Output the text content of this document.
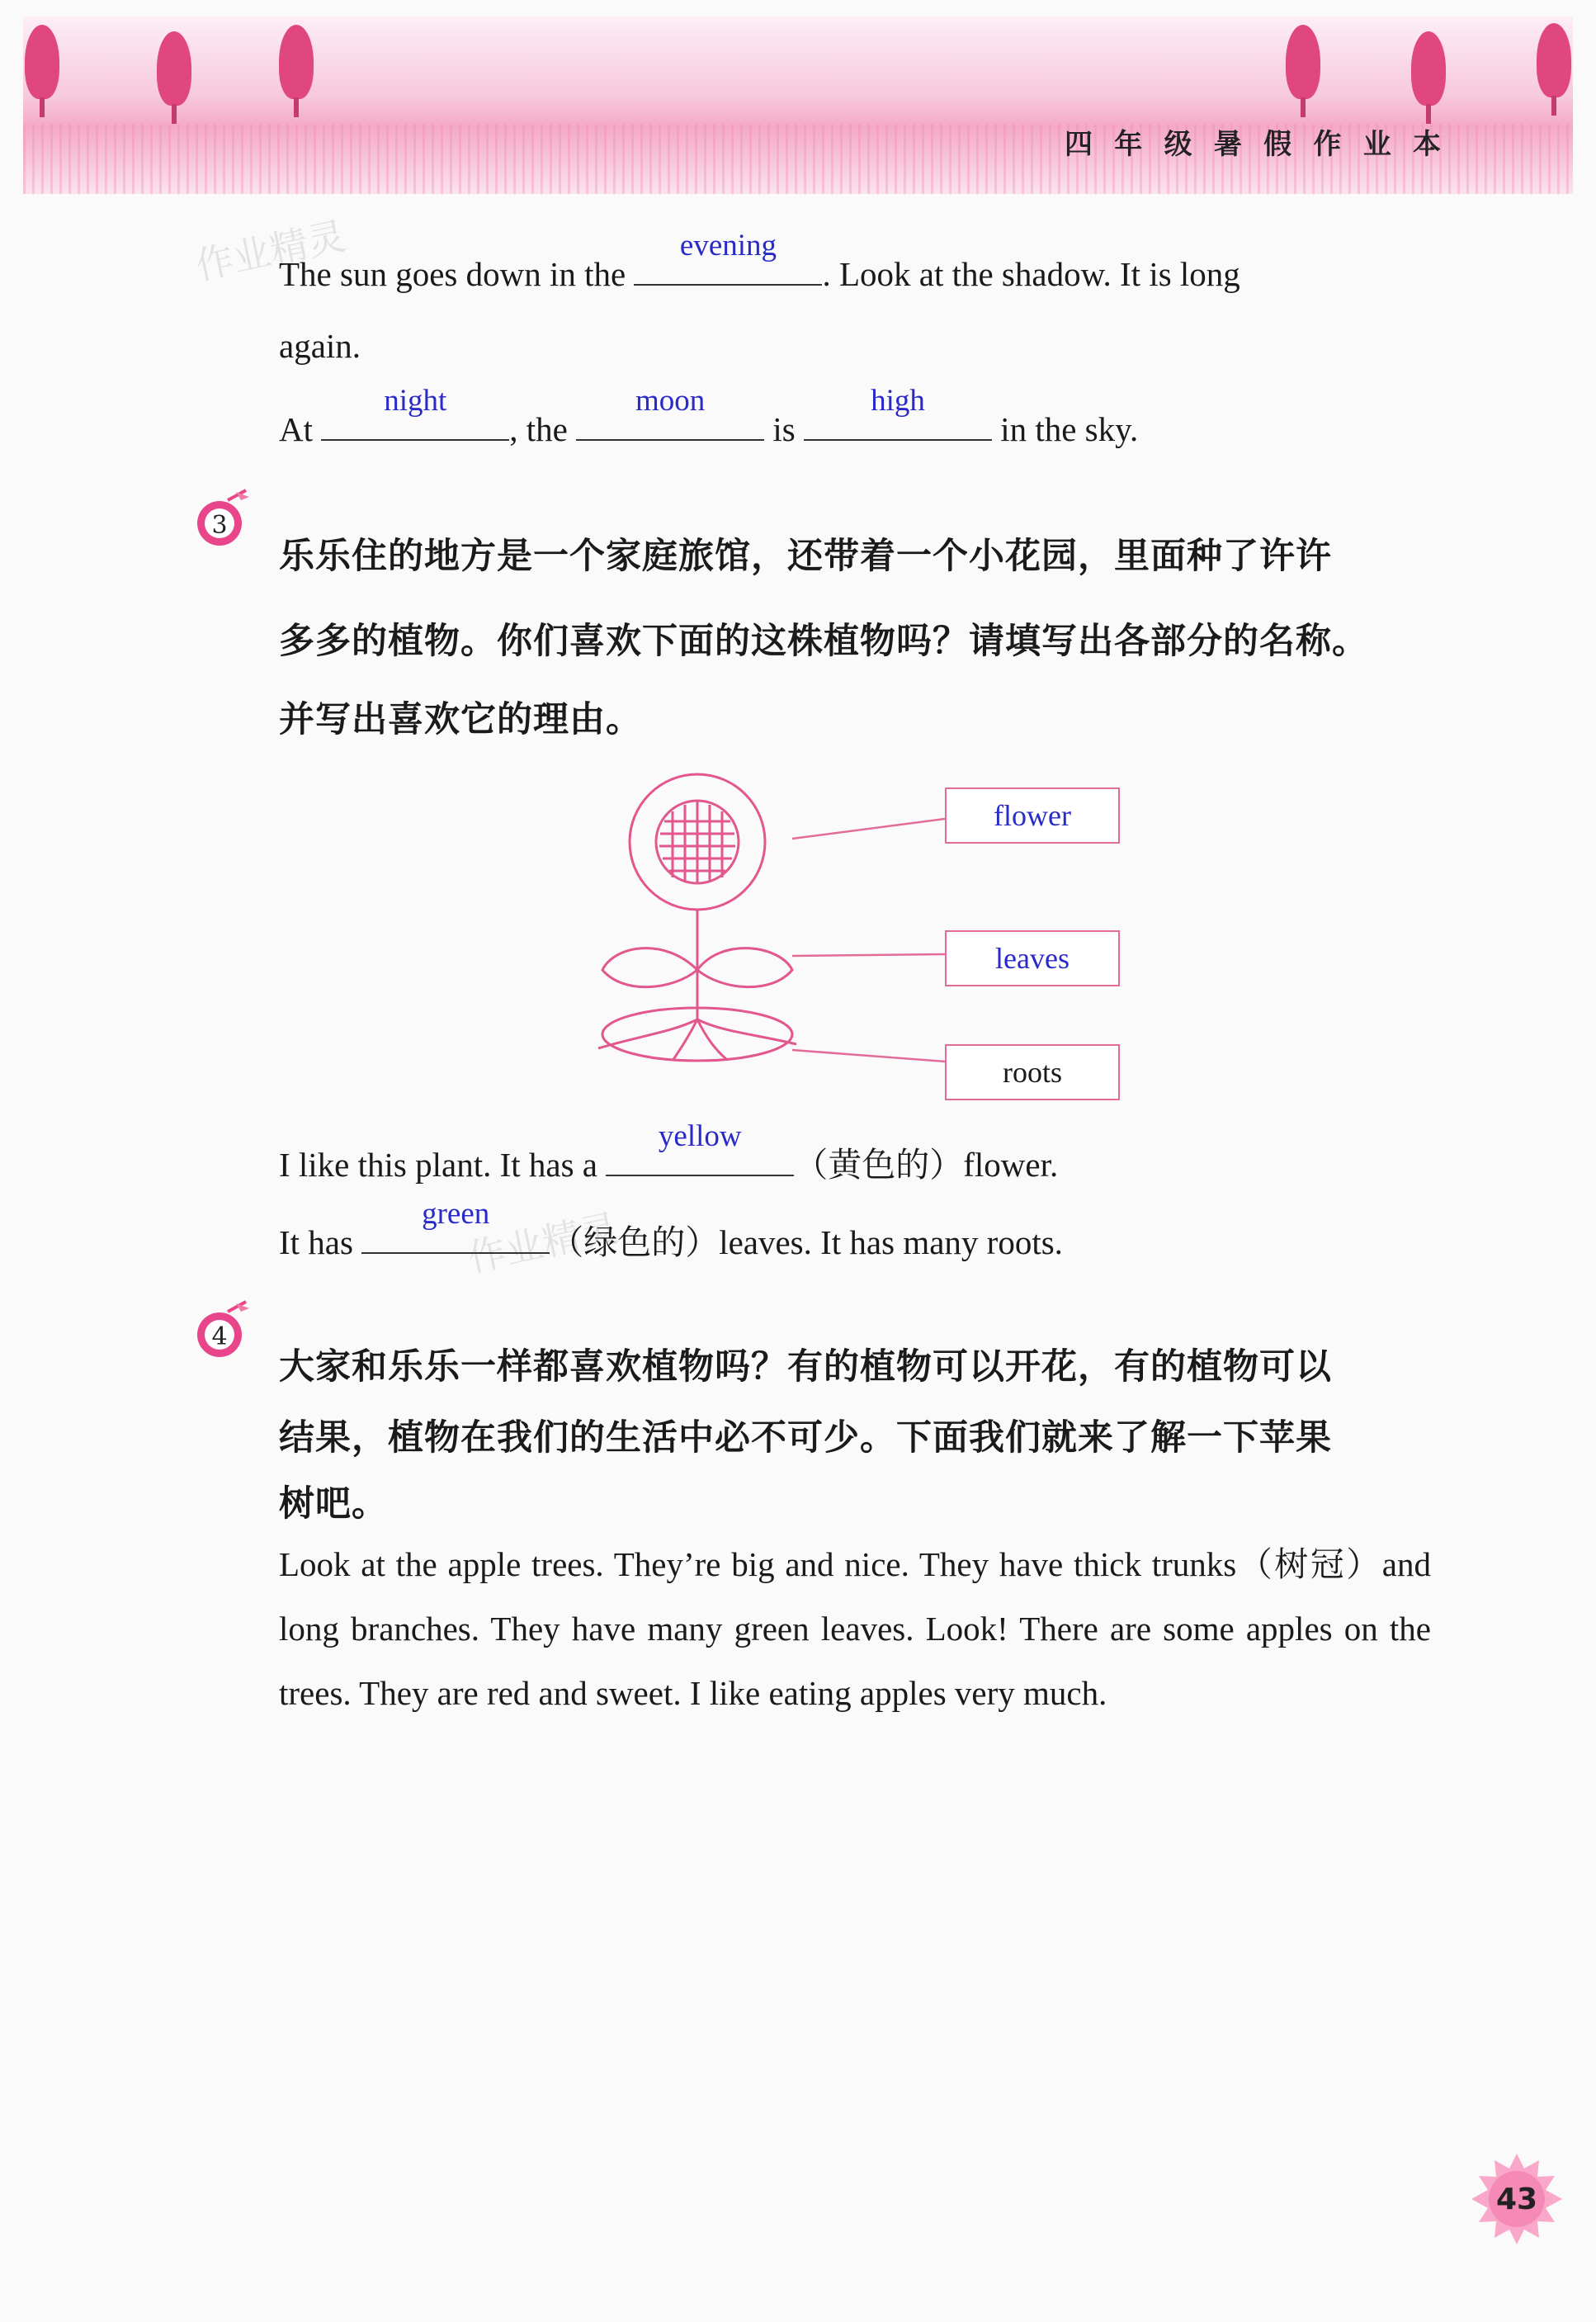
四 年 级 暑 假 作 业 本
作业精灵
作业精灵
The sun goes down in the
evening
. Look at the shadow. It is long
again.
At
night
, the
moon
is
high
in the sky.
3
乐乐住的地方是一个家庭旅馆，还带着一个小花园，里面种了许许
多多的植物。你们喜欢下面的这株植物吗？请填写出各部分的名称。
并写出喜欢它的理由。
flower
leaves
roots
I like this plant. It has a
yellow
（黄色的）flower.
It has
green
（绿色的）leaves. It has many roots.
4
大家和乐乐一样都喜欢植物吗？有的植物可以开花，有的植物可以
结果，植物在我们的生活中必不可少。下面我们就来了解一下苹果
树吧。
Look at the apple trees. They’re big and nice. They have thick trunks（树冠）and long branches. They have many green leaves. Look! There are some apples on the trees. They are red and sweet. I like eating apples very much.
43
